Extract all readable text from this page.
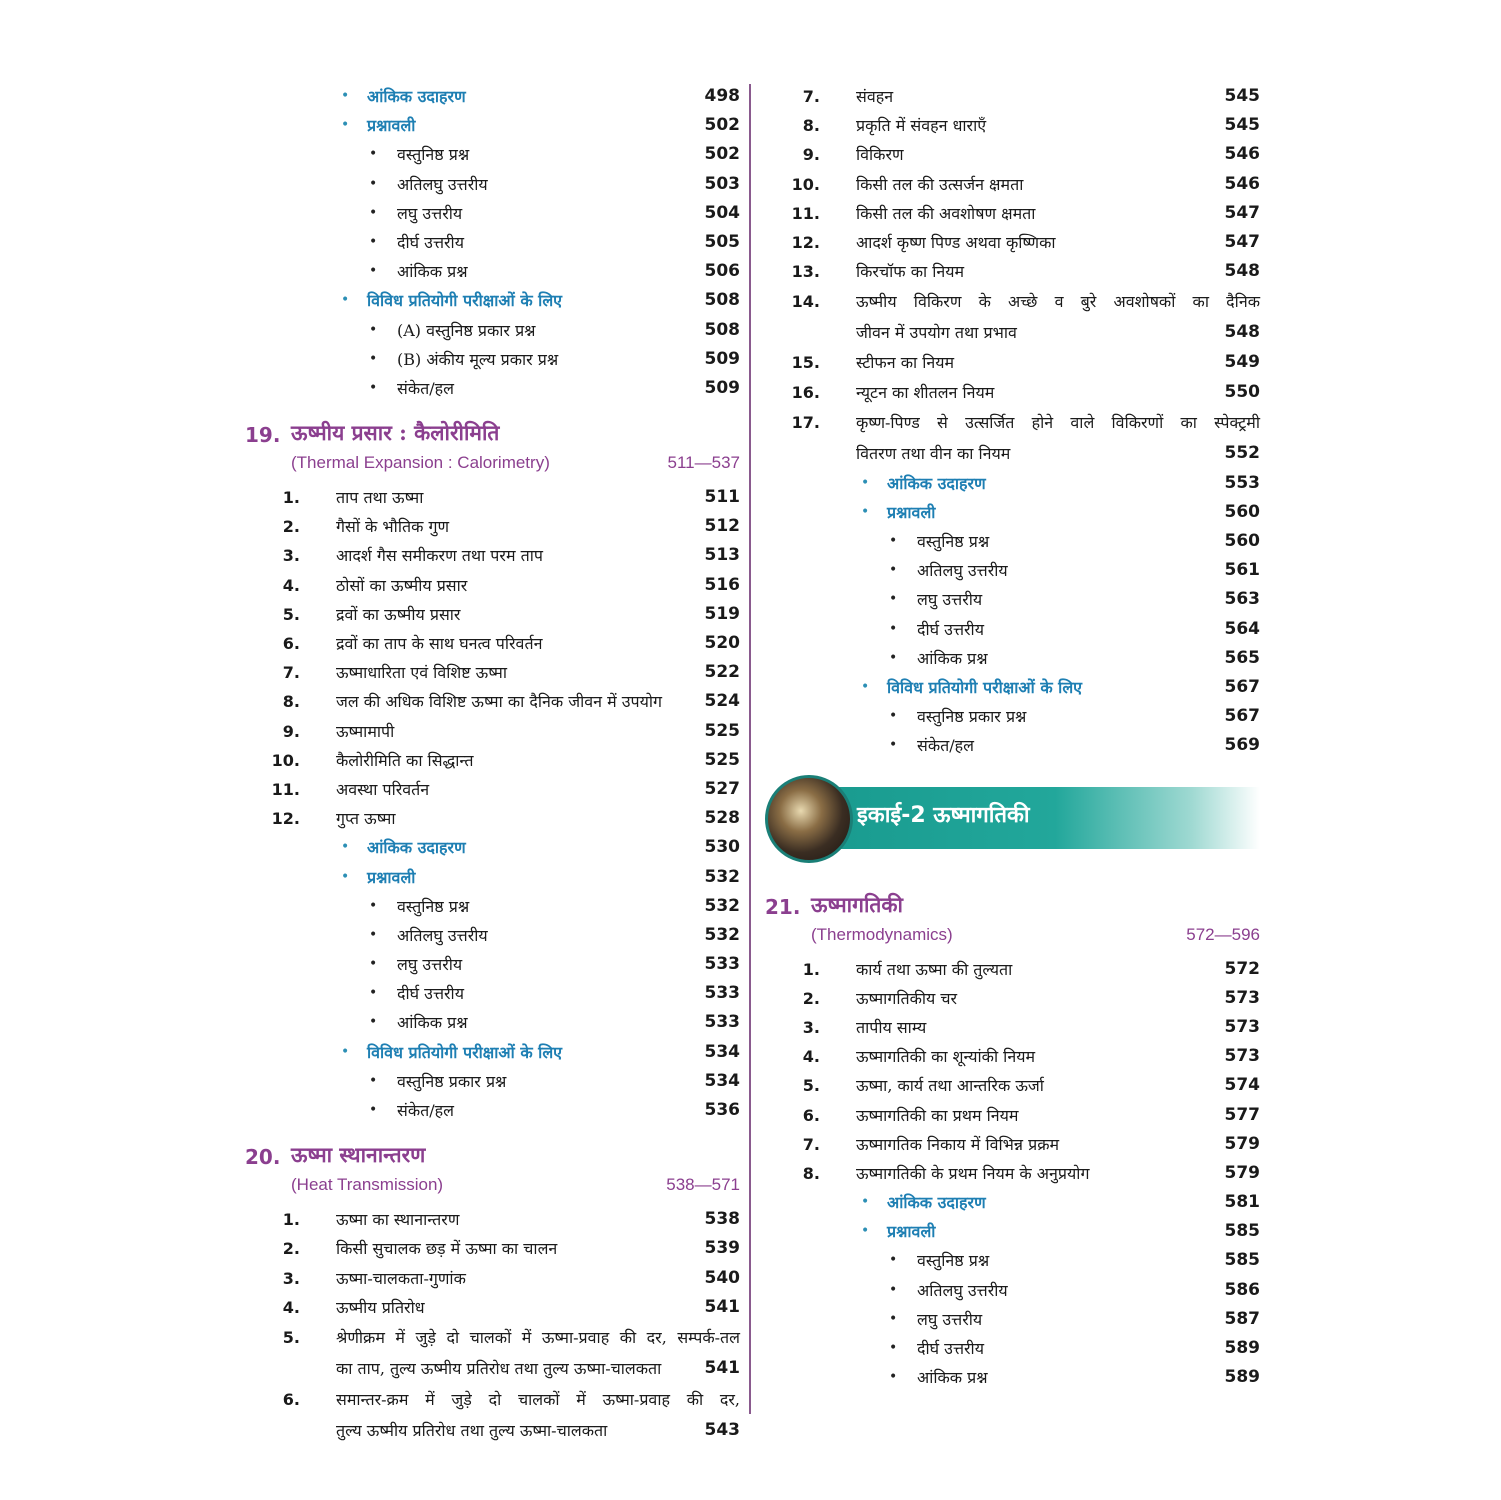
• आंकिक उदाहरण	498
• प्रश्नावली	502
• वस्तुनिष्ठ प्रश्न	502
• अतिलघु उत्तरीय	503
• लघु उत्तरीय	504
• दीर्घ उत्तरीय	505
• आंकिक प्रश्न	506
• विविध प्रतियोगी परीक्षाओं के लिए	508
• (A) वस्तुनिष्ठ प्रकार प्रश्न	508
• (B) अंकीय मूल्य प्रकार प्रश्न	509
• संकेत/हल	509
19. ऊष्मीय प्रसार : कैलोरीमिति
(Thermal Expansion : Calorimetry)	511—537
1. ताप तथा ऊष्मा	511
2. गैसों के भौतिक गुण	512
3. आदर्श गैस समीकरण तथा परम ताप	513
4. ठोसों का ऊष्मीय प्रसार	516
5. द्रवों का ऊष्मीय प्रसार	519
6. द्रवों का ताप के साथ घनत्व परिवर्तन	520
7. ऊष्माधारिता एवं विशिष्ट ऊष्मा	522
8. जल की अधिक विशिष्ट ऊष्मा का दैनिक जीवन में उपयोग 524
9. ऊष्मामापी	525
10. कैलोरीमिति का सिद्धान्त	525
11. अवस्था परिवर्तन	527
12. गुप्त ऊष्मा	528
• आंकिक उदाहरण	530
• प्रश्नावली	532
• वस्तुनिष्ठ प्रश्न	532
• अतिलघु उत्तरीय	532
• लघु उत्तरीय	533
• दीर्घ उत्तरीय	533
• आंकिक प्रश्न	533
• विविध प्रतियोगी परीक्षाओं के लिए	534
• वस्तुनिष्ठ प्रकार प्रश्न	534
• संकेत/हल	536
20. ऊष्मा स्थानान्तरण
(Heat Transmission)	538—571
1. ऊष्मा का स्थानान्तरण	538
2. किसी सुचालक छड़ में ऊष्मा का चालन	539
3. ऊष्मा-चालकता-गुणांक	540
4. ऊष्मीय प्रतिरोध	541
5. श्रेणीक्रम में जुड़े दो चालकों में ऊष्मा-प्रवाह की दर, सम्पर्क-तल
का ताप, तुल्य ऊष्मीय प्रतिरोध तथा तुल्य ऊष्मा-चालकता	541
6. समान्तर-क्रम में जुड़े दो चालकों में ऊष्मा-प्रवाह की दर,
तुल्य ऊष्मीय प्रतिरोध तथा तुल्य ऊष्मा-चालकता	543
7. संवहन	545
8. प्रकृति में संवहन धाराएँ	545
9. विकिरण	546
10. किसी तल की उत्सर्जन क्षमता	546
11. किसी तल की अवशोषण क्षमता	547
12. आदर्श कृष्ण पिण्ड अथवा कृष्णिका	547
13. किरचॉफ का नियम	548
14. ऊष्मीय विकिरण के अच्छे व बुरे अवशोषकों का दैनिक
जीवन में उपयोग तथा प्रभाव	548
15. स्टीफन का नियम	549
16. न्यूटन का शीतलन नियम	550
17. कृष्ण-पिण्ड से उत्सर्जित होने वाले विकिरणों का स्पेक्ट्रमी
वितरण तथा वीन का नियम	552
• आंकिक उदाहरण	553
• प्रश्नावली	560
• वस्तुनिष्ठ प्रश्न	560
• अतिलघु उत्तरीय	561
• लघु उत्तरीय	563
• दीर्घ उत्तरीय	564
• आंकिक प्रश्न	565
• विविध प्रतियोगी परीक्षाओं के लिए	567
• वस्तुनिष्ठ प्रकार प्रश्न	567
• संकेत/हल	569
इकाई-2 ऊष्मागतिकी
21. ऊष्मागतिकी
(Thermodynamics)	572—596
1. कार्य तथा ऊष्मा की तुल्यता	572
2. ऊष्मागतिकीय चर	573
3. तापीय साम्य	573
4. ऊष्मागतिकी का शून्यांकी नियम	573
5. ऊष्मा, कार्य तथा आन्तरिक ऊर्जा	574
6. ऊष्मागतिकी का प्रथम नियम	577
7. ऊष्मागतिक निकाय में विभिन्न प्रक्रम	579
8. ऊष्मागतिकी के प्रथम नियम के अनुप्रयोग	579
• आंकिक उदाहरण	581
• प्रश्नावली	585
• वस्तुनिष्ठ प्रश्न	585
• अतिलघु उत्तरीय	586
• लघु उत्तरीय	587
• दीर्घ उत्तरीय	589
• आंकिक प्रश्न	589
